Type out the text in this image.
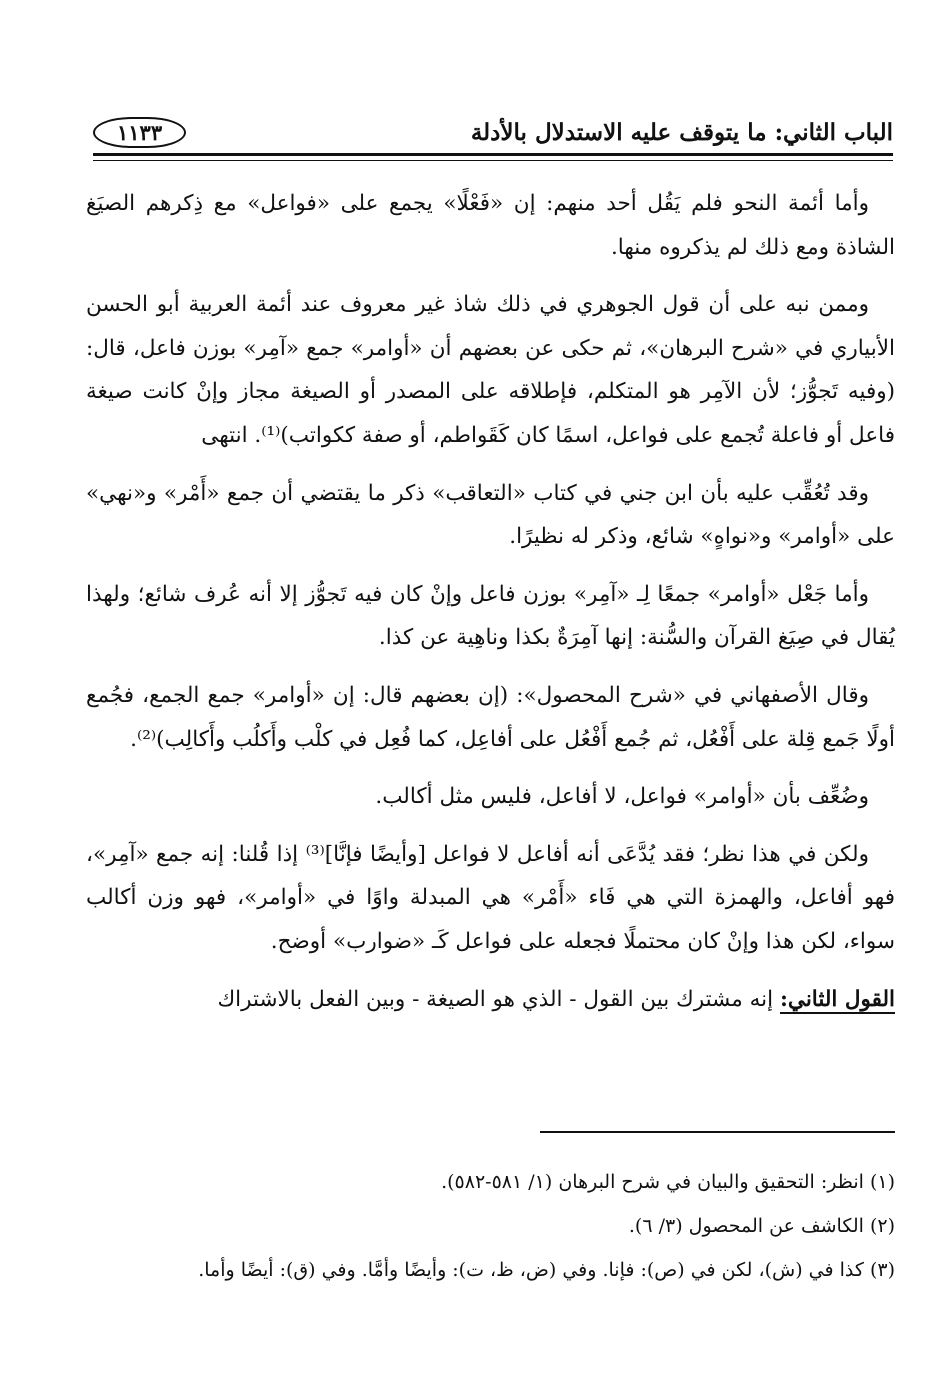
الباب الثاني: ما يتوقف عليه الاستدلال بالأدلة
١١٣٣

وأما أئمة النحو فلم يَقُل أحد منهم: إن «فَعْلًا» يجمع على «فواعل» مع ذِكرهم الصيَغ الشاذة ومع ذلك لم يذكروه منها.

وممن نبه على أن قول الجوهري في ذلك شاذ غير معروف عند أئمة العربية أبو الحسن الأبياري في «شرح البرهان»، ثم حكى عن بعضهم أن «أوامر» جمع «آمِر» بوزن فاعل، قال: (وفيه تَجوُّز؛ لأن الآمِر هو المتكلم، فإطلاقه على المصدر أو الصيغة مجاز وإنْ كانت صيغة فاعل أو فاعلة تُجمع على فواعل، اسمًا كان كَقَواطم، أو صفة ككواتب)⁽¹⁾. انتهى

وقد تُعُقِّب عليه بأن ابن جني في كتاب «التعاقب» ذكر ما يقتضي أن جمع «أَمْر» و«نهي» على «أوامر» و«نواهٍ» شائع، وذكر له نظيرًا.

وأما جَعْل «أوامر» جمعًا لِـ «آمِر» بوزن فاعل وإنْ كان فيه تَجوُّز إلا أنه عُرف شائع؛ ولهذا يُقال في صِيَغ القرآن والسُّنة: إنها آمِرَةٌ بكذا وناهِية عن كذا.

وقال الأصفهاني في «شرح المحصول»: (إن بعضهم قال: إن «أوامر» جمع الجمع، فجُمع أولًا جَمع قِلة على أَفْعُل، ثم جُمع أَفْعُل على أفاعِل، كما فُعِل في كلْب وأَكلُب وأَكالِب)⁽²⁾.

وضُعِّف بأن «أوامر» فواعل، لا أفاعل، فليس مثل أكالب.

ولكن في هذا نظر؛ فقد يُدَّعَى أنه أفاعل لا فواعل [وأيضًا فإنَّا]⁽³⁾ إذا قُلنا: إنه جمع «آمِر»، فهو أفاعل، والهمزة التي هي فَاء «أَمْر» هي المبدلة واوًا في «أوامر»، فهو وزن أكالب سواء، لكن هذا وإنْ كان محتملًا فجعله على فواعل كَـ «ضوارب» أوضح.

القول الثاني: إنه مشترك بين القول - الذي هو الصيغة - وبين الفعل بالاشتراك

(١) انظر: التحقيق والبيان في شرح البرهان (١/ ٥٨١-٥٨٢).
(٢) الكاشف عن المحصول (٣/ ٦).
(٣) كذا في (ش)، لكن في (ص): فإنا. وفي (ض، ظ، ت): وأيضًا وأمَّا. وفي (ق): أيضًا وأما.
